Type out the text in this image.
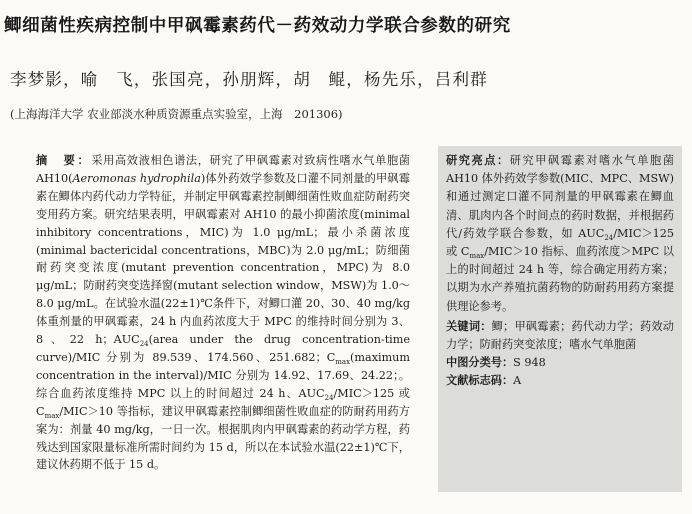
鲫细菌性疾病控制中甲砜霉素药代－药效动力学联合参数的研究
李梦影，喻　飞，张国亮，孙朋辉，胡　鲲，杨先乐，吕利群
(上海海洋大学 农业部淡水种质资源重点实验室，上海　201306)
摘　要：采用高效液相色谱法，研究了甲砜霉素对致病性嗜水气单胞菌 AH10(Aeromonas hydrophila)体外药效学参数及口灌不同剂量的甲砜霉素在鲫体内药代动力学特征，并制定甲砜霉素控制鲫细菌性败血症防耐药突变用药方案。研究结果表明，甲砜霉素对 AH10 的最小抑菌浓度(minimal inhibitory concentrations，MIC)为 1.0 μg/mL；最小杀菌浓度(minimal bactericidal concentrations，MBC)为 2.0 μg/mL；防细菌耐药突变浓度(mutant prevention concentration，MPC)为 8.0 μg/mL；防耐药突变选择窗(mutant selection window，MSW)为 1.0～8.0 μg/mL。在试验水温(22±1)℃条件下，对鲫口灌 20、30、40 mg/kg 体重剂量的甲砜霉素，24 h 内血药浓度大于 MPC 的维持时间分别为 3、8、22 h；$AUC_{24}(area$ under the drug concentration-time curve)/MIC 分别为 89.539、174.560、251.682；$C_{max}(maximum$ concentration in the interval)/MIC 分别为 14.92、17.69、24.22；。综合血药浓度维持 MPC 以上的时间超过 24 h、$AUC_{24}/MIC>125$ 或 $C_{max}/MIC>10$ 等指标，建议甲砜霉素控制鲫细菌性败血症的防耐药用药方案为：剂量 40 mg/kg，一日一次。根据肌肉内甲砜霉素的药动学方程，药残达到国家限量标准所需时间约为 15 d，所以在本试验水温(22±1)℃下，建议休药期不低于 15 d。

研究亮点：研究甲砜霉素对嗜水气单胞菌 AH10 体外药效学参数(MIC、MPC、MSW)和通过测定口灌不同剂量的甲砜霉素在鲫血清、肌肉内各个时间点的药时数据，并根据药代/药效学联合参数，如 $AUC_{24}/MIC>125$ 或 $C_{max}/MIC>10$ 指标、血药浓度＞MPC 以上的时间超过 24 h 等，综合确定用药方案；以期为水产养殖抗菌药物的防耐药用药方案提供理论参考。

关键词：鲫；甲砜霉素；药代动力学；药效动力学；防耐药突变浓度；嗜水气单胞菌

中图分类号：S 948

文献标志码：A
